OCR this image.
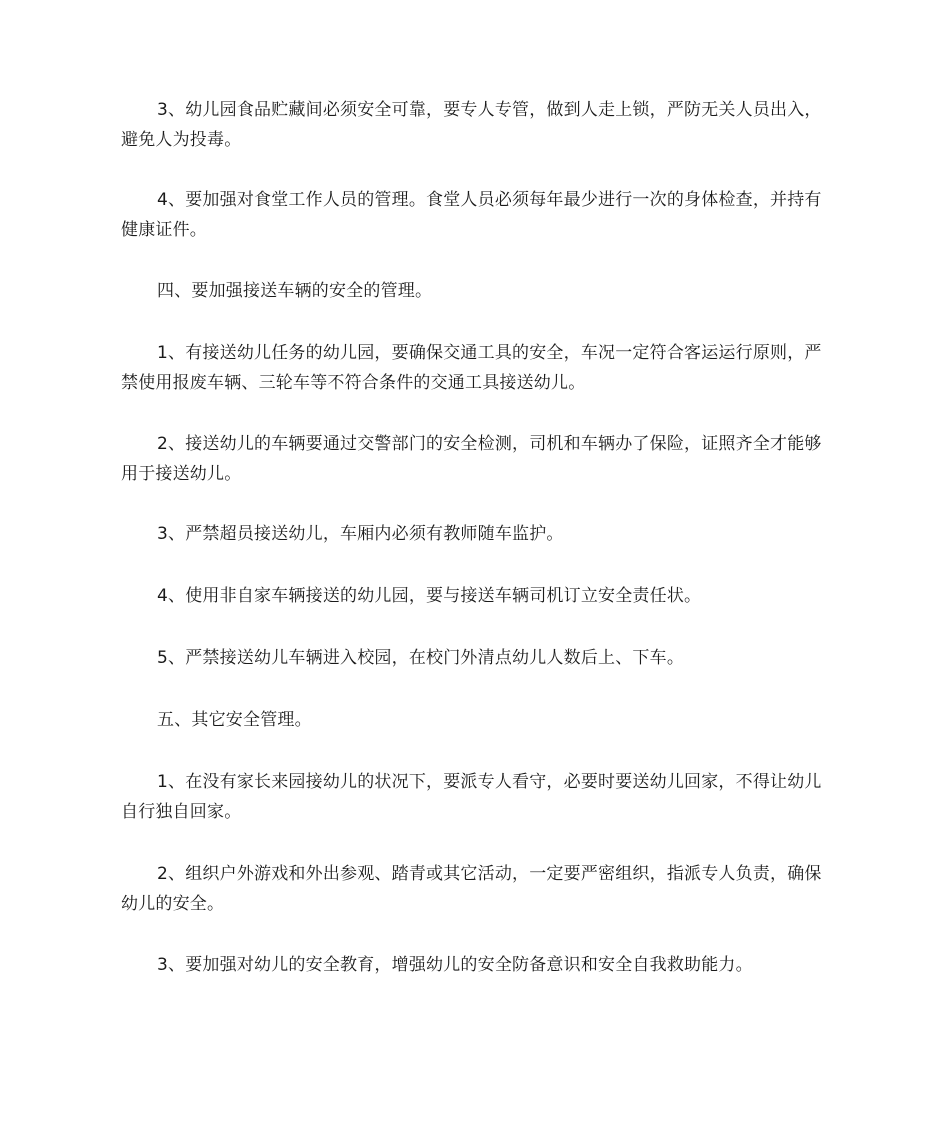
3、幼儿园食品贮藏间必须安全可靠，要专人专管，做到人走上锁，严防无关人员出入，避免人为投毒。

4、要加强对食堂工作人员的管理。食堂人员必须每年最少进行一次的身体检查，并持有健康证件。

四、要加强接送车辆的安全的管理。

1、有接送幼儿任务的幼儿园，要确保交通工具的安全，车况一定符合客运运行原则，严禁使用报废车辆、三轮车等不符合条件的交通工具接送幼儿。

2、接送幼儿的车辆要通过交警部门的安全检测，司机和车辆办了保险，证照齐全才能够用于接送幼儿。

3、严禁超员接送幼儿，车厢内必须有教师随车监护。

4、使用非自家车辆接送的幼儿园，要与接送车辆司机订立安全责任状。

5、严禁接送幼儿车辆进入校园，在校门外清点幼儿人数后上、下车。

五、其它安全管理。

1、在没有家长来园接幼儿的状况下，要派专人看守，必要时要送幼儿回家，不得让幼儿自行独自回家。

2、组织户外游戏和外出参观、踏青或其它活动，一定要严密组织，指派专人负责，确保幼儿的安全。

3、要加强对幼儿的安全教育，增强幼儿的安全防备意识和安全自我救助能力。
